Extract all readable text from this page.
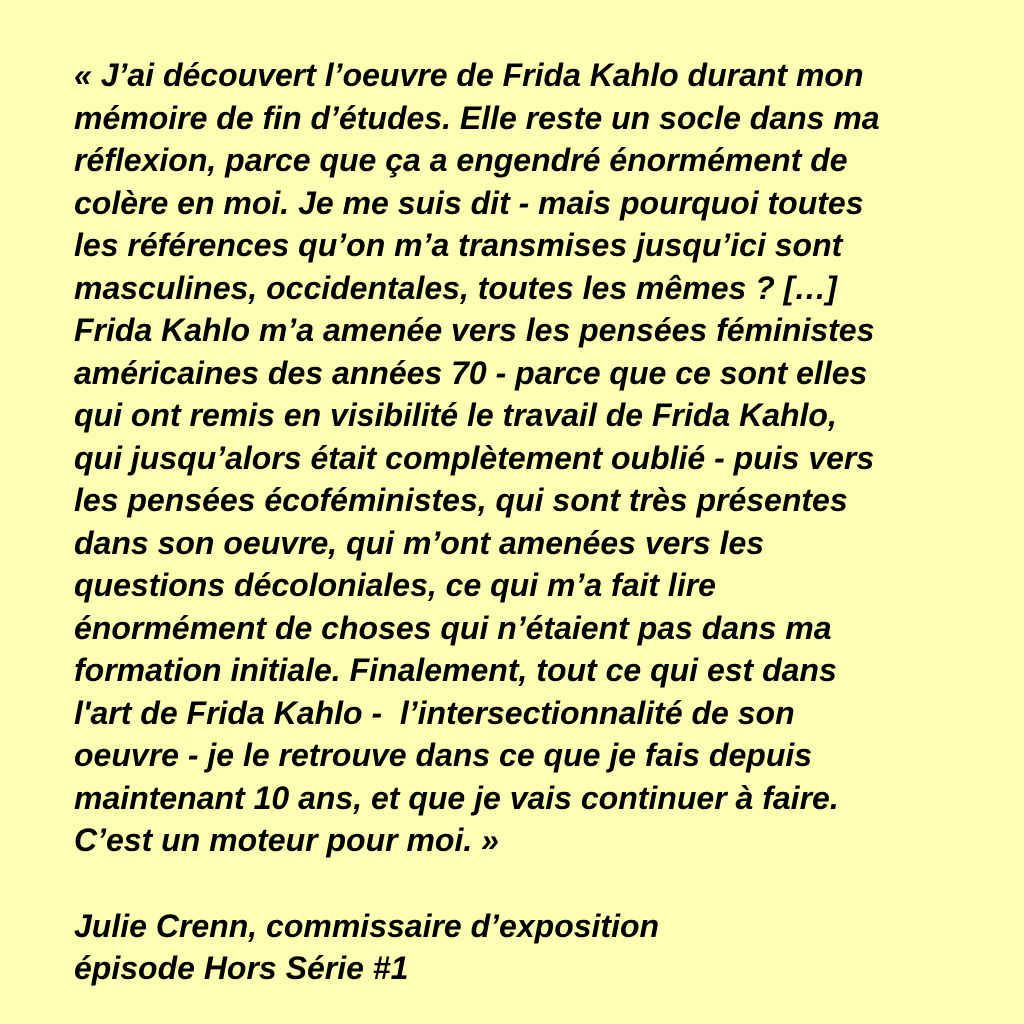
« J’ai découvert l’oeuvre de Frida Kahlo durant mon
mémoire de fin d’études. Elle reste un socle dans ma
réflexion, parce que ça a engendré énormément de
colère en moi. Je me suis dit - mais pourquoi toutes
les références qu’on m’a transmises jusqu’ici sont
masculines, occidentales, toutes les mêmes ? […]
Frida Kahlo m’a amenée vers les pensées féministes
américaines des années 70 - parce que ce sont elles
qui ont remis en visibilité le travail de Frida Kahlo,
qui jusqu’alors était complètement oublié - puis vers
les pensées écoféministes, qui sont très présentes
dans son oeuvre, qui m’ont amenées vers les
questions décoloniales, ce qui m’a fait lire
énormément de choses qui n’étaient pas dans ma
formation initiale. Finalement, tout ce qui est dans
l'art de Frida Kahlo -  l’intersectionnalité de son
oeuvre - je le retrouve dans ce que je fais depuis
maintenant 10 ans, et que je vais continuer à faire.
C’est un moteur pour moi. »

Julie Crenn, commissaire d’exposition
épisode Hors Série #1
